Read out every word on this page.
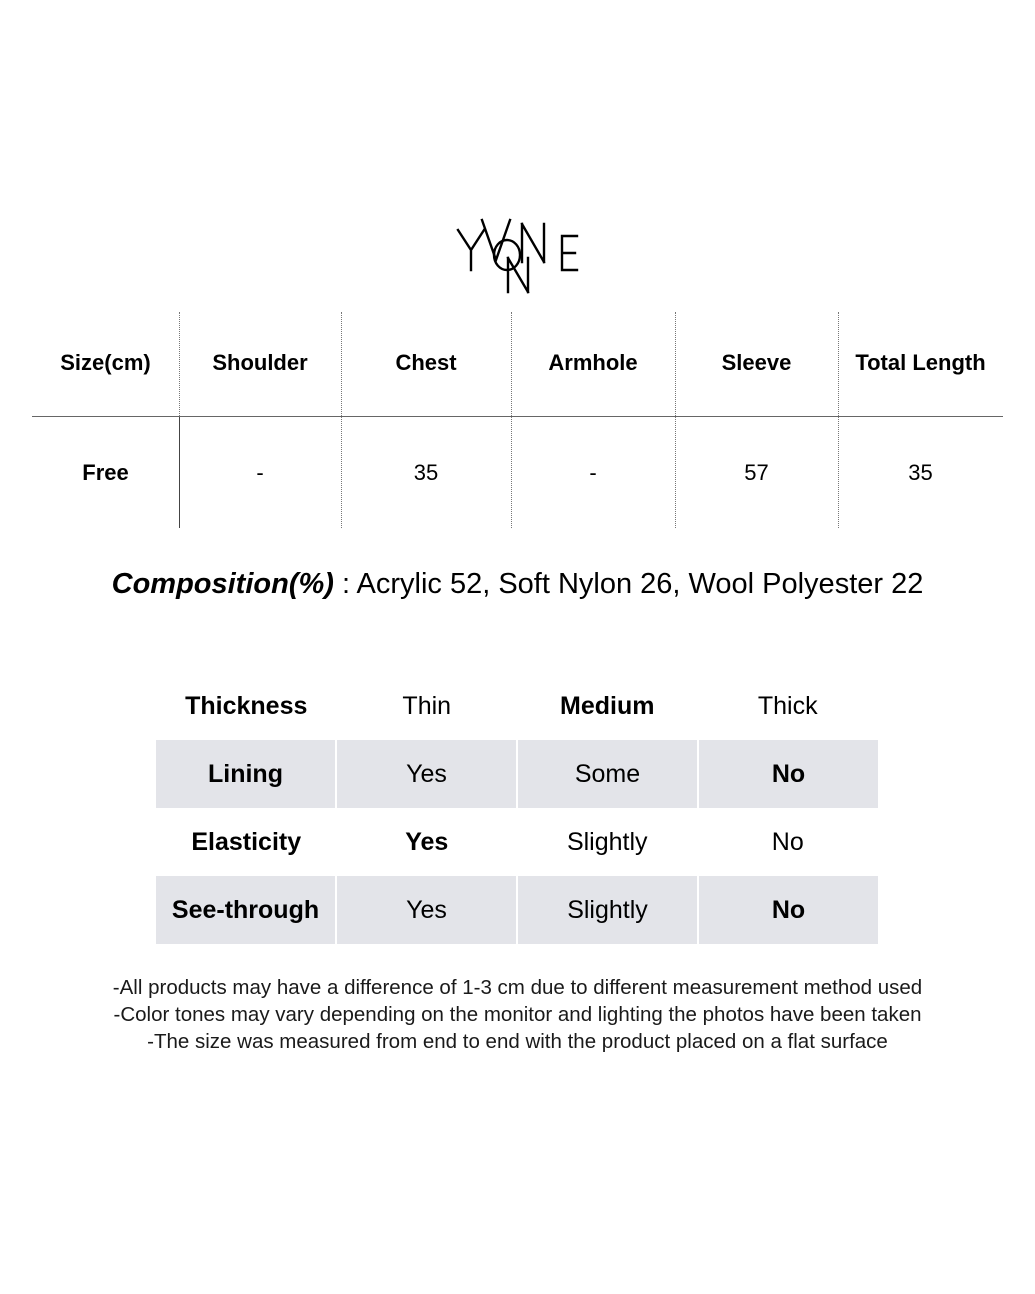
Size(cm)	Shoulder	Chest	Armhole	Sleeve	Total Length
Free	-	35	-	57	35
Composition(%) : Acrylic 52, Soft Nylon 26, Wool Polyester 22
Thickness	Thin	Medium	Thick
Lining	Yes	Some	No
Elasticity	Yes	Slightly	No
See-through	Yes	Slightly	No
-All products may have a difference of 1-3 cm due to different measurement method used
-Color tones may vary depending on the monitor and lighting the photos have been taken
-The size was measured from end to end with the product placed on a flat surface
